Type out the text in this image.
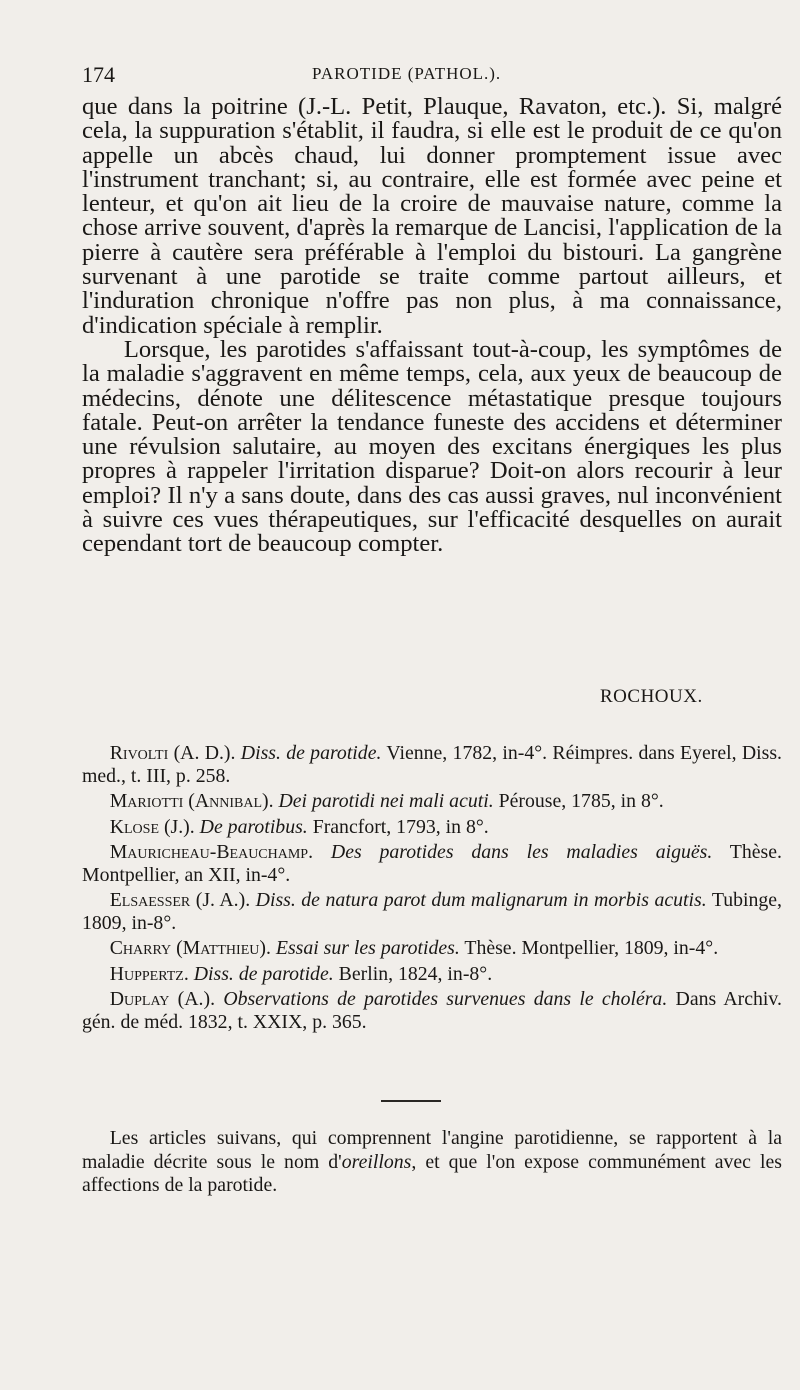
174	PAROTIDE (PATHOL.).

que dans la poitrine (J.-L. Petit, Plauque, Ravaton, etc.). Si, malgré cela, la suppuration s'établit, il faudra, si elle est le produit de ce qu'on appelle un abcès chaud, lui donner promptement issue avec l'instrument tranchant; si, au contraire, elle est formée avec peine et lenteur, et qu'on ait lieu de la croire de mauvaise nature, comme la chose arrive souvent, d'après la remarque de Lancisi, l'application de la pierre à cautère sera préférable à l'emploi du bistouri. La gangrène survenant à une parotide se traite comme partout ailleurs, et l'induration chronique n'offre pas non plus, à ma connaissance, d'indication spéciale à remplir.

Lorsque, les parotides s'affaissant tout-à-coup, les symptômes de la maladie s'aggravent en même temps, cela, aux yeux de beaucoup de médecins, dénote une délitescence métastatique presque toujours fatale. Peut-on arrêter la tendance funeste des accidens et déterminer une révulsion salutaire, au moyen des excitans énergiques les plus propres à rappeler l'irritation disparue? Doit-on alors recourir à leur emploi? Il n'y a sans doute, dans des cas aussi graves, nul inconvénient à suivre ces vues thérapeutiques, sur l'efficacité desquelles on aurait cependant tort de beaucoup compter.

ROCHOUX.

Rivolti (A. D.). Diss. de parotide. Vienne, 1782, in-4°. Réimpres. dans Eyerel, Diss. med., t. III, p. 258.

Mariotti (Annibal). Dei parotidi nei mali acuti. Pérouse, 1785, in 8°.

Klose (J.). De parotibus. Francfort, 1793, in 8°.

Mauricheau-Beauchamp. Des parotides dans les maladies aiguës. Thèse. Montpellier, an XII, in-4°.

Elsaesser (J. A.). Diss. de natura parot dum malignarum in morbis acutis. Tubinge, 1809, in-8°.

Charry (Matthieu). Essai sur les parotides. Thèse. Montpellier, 1809, in-4°.

Huppertz. Diss. de parotide. Berlin, 1824, in-8°.

Duplay (A.). Observations de parotides survenues dans le choléra. Dans Archiv. gén. de méd. 1832, t. XXIX, p. 365.

Les articles suivans, qui comprennent l'angine parotidienne, se rapportent à la maladie décrite sous le nom d'oreillons, et que l'on expose communément avec les affections de la parotide.
